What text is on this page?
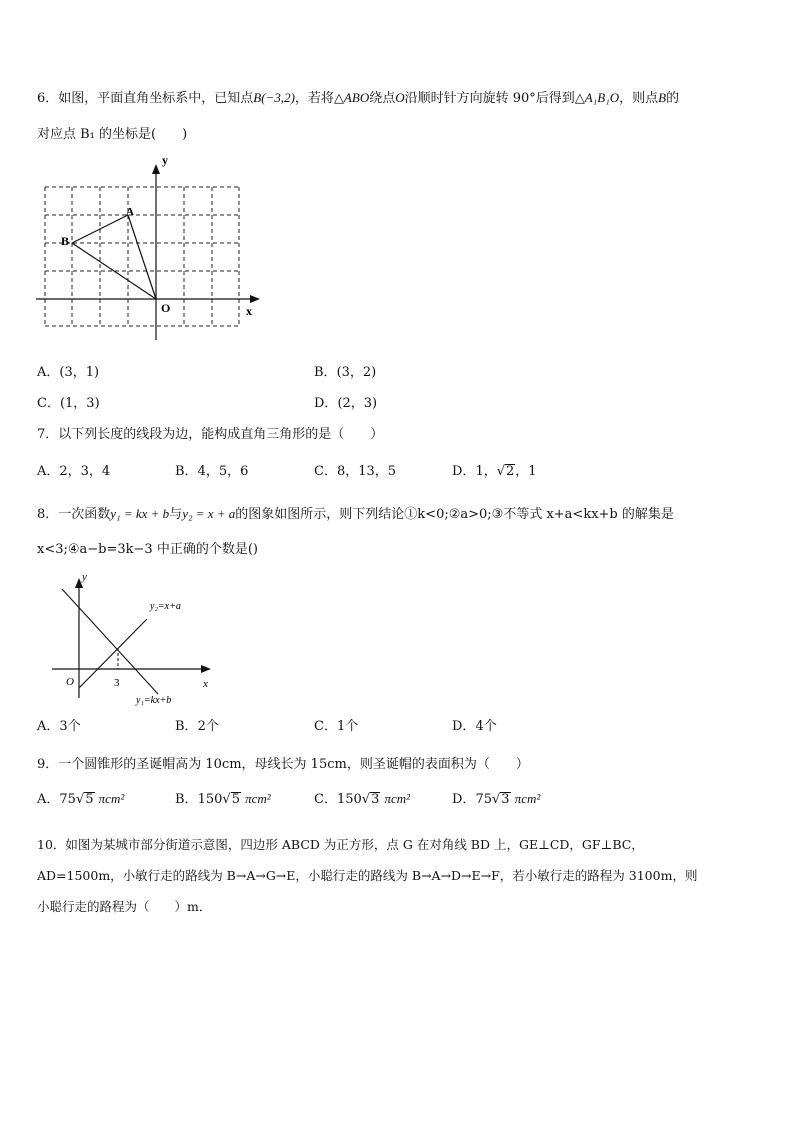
6．如图，平面直角坐标系中，已知点B(−3,2)，若将△ABO绕点O沿顺时针方向旋转 90°后得到△A₁B₁O，则点B的
对应点 B₁ 的坐标是(　　)
y
x
O
A
B
A．(3，1)	B．(3，2)
C．(1，3)	D．(2，3)
7．以下列长度的线段为边，能构成直角三角形的是（　　）
A．2，3，4	B．4，5，6	C．8，13，5	D．1，√2，1
8．一次函数y₁ = kx + b与y₂ = x + a的图象如图所示，则下列结论①k<0;②a>0;③不等式 x+a<kx+b 的解集是
x<3;④a−b=3k−3 中正确的个数是()
y
x
O	3
y₂=x+a
y₁=kx+b
A．3个	B．2个	C．1个	D．4个
9．一个圆锥形的圣诞帽高为 10cm，母线长为 15cm，则圣诞帽的表面积为（　　）
A．75√5 πcm²	B．150√5 πcm²	C．150√3 πcm²	D．75√3 πcm²
10．如图为某城市部分街道示意图，四边形 ABCD 为正方形，点 G 在对角线 BD 上，GE⊥CD，GF⊥BC，
AD=1500m，小敏行走的路线为 B→A→G→E，小聪行走的路线为 B→A→D→E→F，若小敏行走的路程为 3100m，则
小聪行走的路程为（　　）m．
